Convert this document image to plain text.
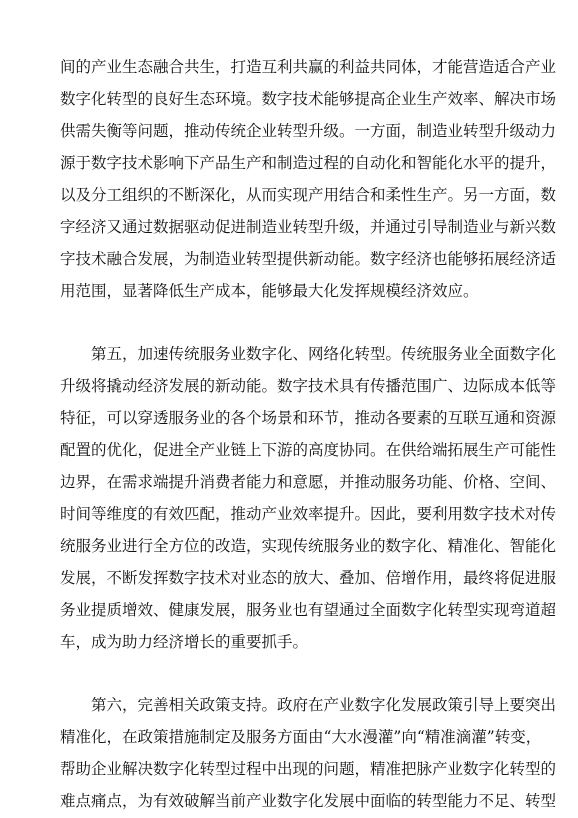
间的产业生态融合共生，打造互利共赢的利益共同体，才能营造适合产业
数字化转型的良好生态环境。数字技术能够提高企业生产效率、解决市场
供需失衡等问题，推动传统企业转型升级。一方面，制造业转型升级动力
源于数字技术影响下产品生产和制造过程的自动化和智能化水平的提升，
以及分工组织的不断深化，从而实现产用结合和柔性生产。另一方面，数
字经济又通过数据驱动促进制造业转型升级，并通过引导制造业与新兴数
字技术融合发展，为制造业转型提供新动能。数字经济也能够拓展经济适
用范围，显著降低生产成本，能够最大化发挥规模经济效应。
第五，加速传统服务业数字化、网络化转型。传统服务业全面数字化
升级将撬动经济发展的新动能。数字技术具有传播范围广、边际成本低等
特征，可以穿透服务业的各个场景和环节，推动各要素的互联互通和资源
配置的优化，促进全产业链上下游的高度协同。在供给端拓展生产可能性
边界，在需求端提升消费者能力和意愿，并推动服务功能、价格、空间、
时间等维度的有效匹配，推动产业效率提升。因此，要利用数字技术对传
统服务业进行全方位的改造，实现传统服务业的数字化、精准化、智能化
发展，不断发挥数字技术对业态的放大、叠加、倍增作用，最终将促进服
务业提质增效、健康发展，服务业也有望通过全面数字化转型实现弯道超
车，成为助力经济增长的重要抓手。
第六，完善相关政策支持。政府在产业数字化发展政策引导上要突出
精准化，在政策措施制定及服务方面由“大水漫灌”向“精准滴灌”转变，
帮助企业解决数字化转型过程中出现的问题，精准把脉产业数字化转型的
难点痛点，为有效破解当前产业数字化发展中面临的转型能力不足、转型
